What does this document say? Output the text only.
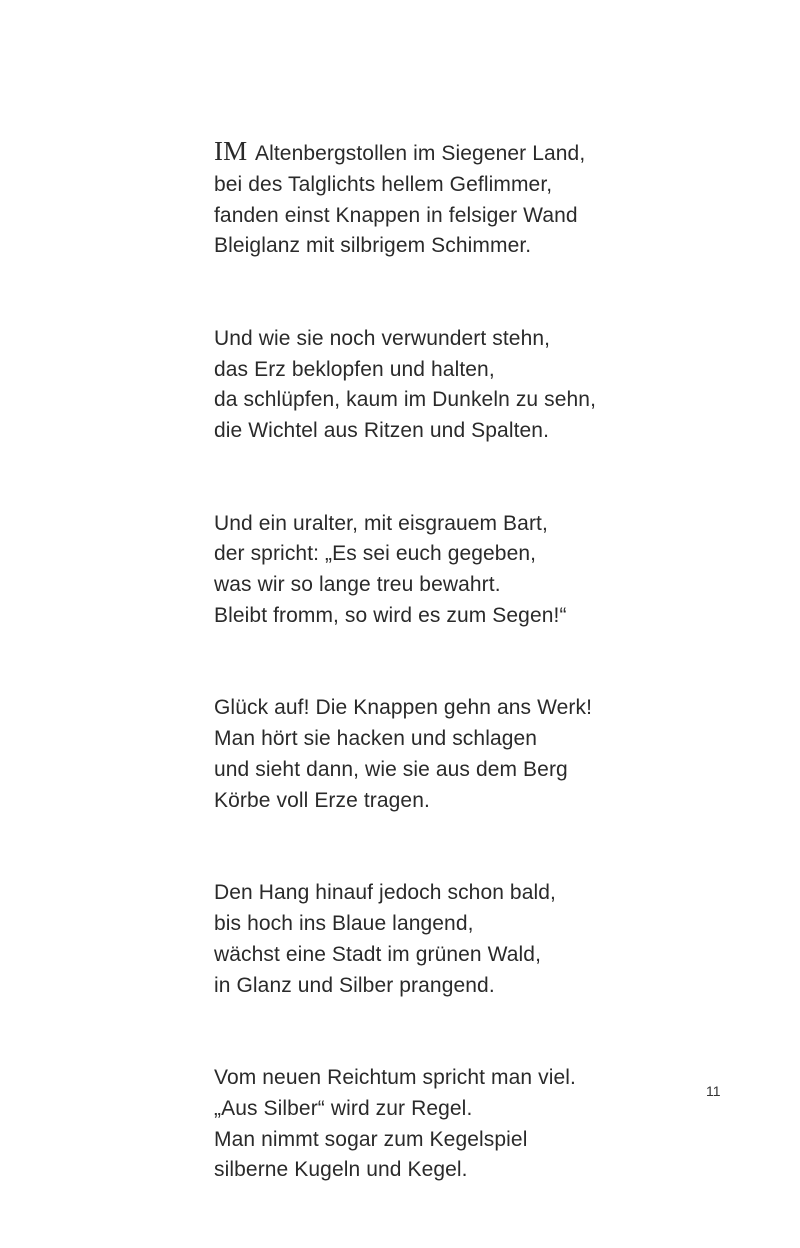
IM Altenbergstollen im Siegener Land,
bei des Talglichts hellem Geflimmer,
fanden einst Knappen in felsiger Wand
Bleiglanz mit silbrigem Schimmer.
Und wie sie noch verwundert stehn,
das Erz beklopfen und halten,
da schlüpfen, kaum im Dunkeln zu sehn,
die Wichtel aus Ritzen und Spalten.
Und ein uralter, mit eisgrauem Bart,
der spricht: „Es sei euch gegeben,
was wir so lange treu bewahrt.
Bleibt fromm, so wird es zum Segen!“
Glück auf! Die Knappen gehn ans Werk!
Man hört sie hacken und schlagen
und sieht dann, wie sie aus dem Berg
Körbe voll Erze tragen.
Den Hang hinauf jedoch schon bald,
bis hoch ins Blaue langend,
wächst eine Stadt im grünen Wald,
in Glanz und Silber prangend.
Vom neuen Reichtum spricht man viel.
„Aus Silber“ wird zur Regel.
Man nimmt sogar zum Kegelspiel
silberne Kugeln und Kegel.
11
